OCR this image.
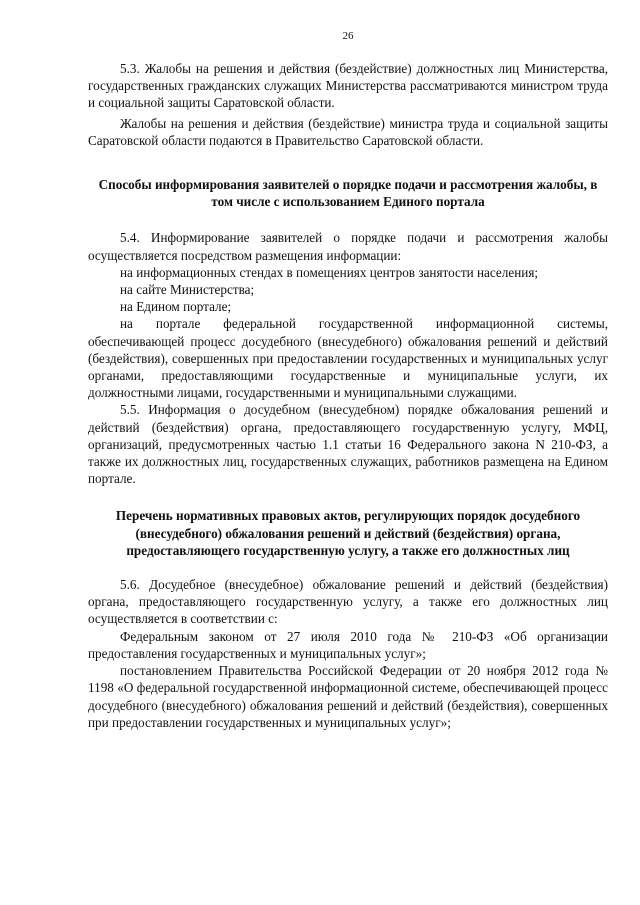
26

5.3. Жалобы на решения и действия (бездействие) должностных лиц Министерства, государственных гражданских служащих Министерства рассматриваются министром труда и социальной защиты Саратовской области.

Жалобы на решения и действия (бездействие) министра труда и социальной защиты Саратовской области подаются в Правительство Саратовской области.

Способы информирования заявителей о порядке подачи и рассмотрения жалобы, в том числе с использованием Единого портала

5.4. Информирование заявителей о порядке подачи и рассмотрения жалобы осуществляется посредством размещения информации:

на информационных стендах в помещениях центров занятости населения;

на сайте Министерства;

на Едином портале;

на портале федеральной государственной информационной системы, обеспечивающей процесс досудебного (внесудебного) обжалования решений и действий (бездействия), совершенных при предоставлении государственных и муниципальных услуг органами, предоставляющими государственные и муниципальные услуги, их должностными лицами, государственными и муниципальными служащими.

5.5. Информация о досудебном (внесудебном) порядке обжалования решений и действий (бездействия) органа, предоставляющего государственную услугу, МФЦ, организаций, предусмотренных частью 1.1 статьи 16 Федерального закона N 210-ФЗ, а также их должностных лиц, государственных служащих, работников размещена на Едином портале.

Перечень нормативных правовых актов, регулирующих порядок досудебного (внесудебного) обжалования решений и действий (бездействия) органа, предоставляющего государственную услугу, а также его должностных лиц

5.6. Досудебное (внесудебное) обжалование решений и действий (бездействия) органа, предоставляющего государственную услугу, а также его должностных лиц осуществляется в соответствии с:

Федеральным законом от 27 июля 2010 года № 210-ФЗ «Об организации предоставления государственных и муниципальных услуг»;

постановлением Правительства Российской Федерации от 20 ноября 2012 года № 1198 «О федеральной государственной информационной системе, обеспечивающей процесс досудебного (внесудебного) обжалования решений и действий (бездействия), совершенных при предоставлении государственных и муниципальных услуг»;
